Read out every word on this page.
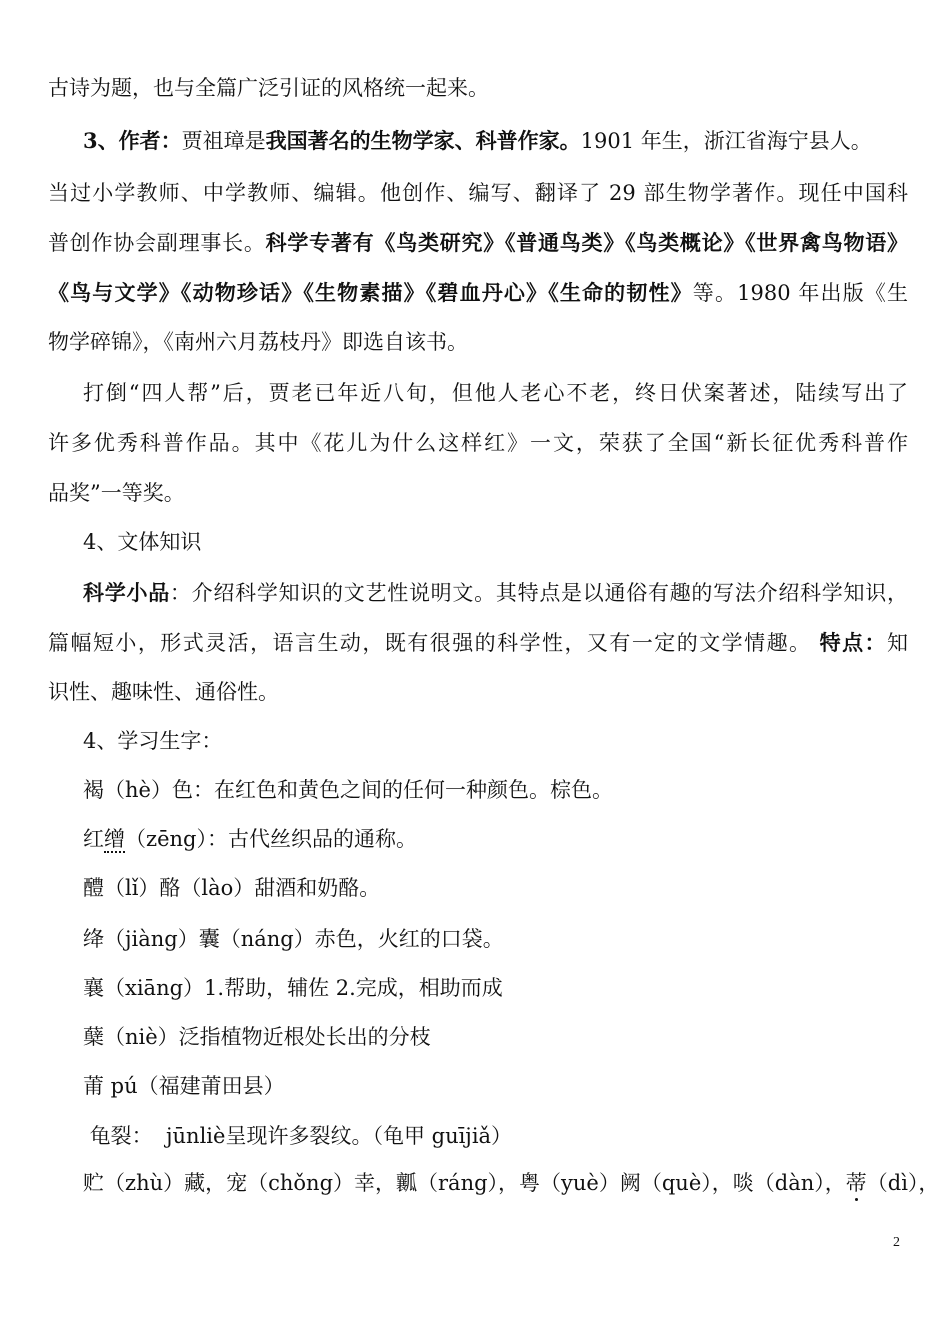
古诗为题，也与全篇广泛引证的风格统一起来。
3、作者：贾祖璋是我国著名的生物学家、科普作家。1901 年生，浙江省海宁县人。
当过小学教师、中学教师、编辑。他创作、编写、翻译了 29 部生物学著作。现任中国科
普创作协会副理事长。科学专著有《鸟类研究》《普通鸟类》《鸟类概论》《世界禽鸟物语》
《鸟与文学》《动物珍话》《生物素描》《碧血丹心》《生命的韧性》等。1980 年出版《生
物学碎锦》，《南州六月荔枝丹》即选自该书。
打倒“四人帮”后，贾老已年近八旬，但他人老心不老，终日伏案著述，陆续写出了
许多优秀科普作品。其中《花儿为什么这样红》一文，荣获了全国“新长征优秀科普作
品奖”一等奖。
4、文体知识
科学小品：介绍科学知识的文艺性说明文。其特点是以通俗有趣的写法介绍科学知识，
篇幅短小，形式灵活，语言生动，既有很强的科学性，又有一定的文学情趣。 特点：知
识性、趣味性、通俗性。
4、学习生字：
褐（hè）色：在红色和黄色之间的任何一种颜色。棕色。
红缯（zēng）：古代丝织品的通称。
醴（lǐ）酪（lào）甜酒和奶酪。
绛（jiàng）囊（náng）赤色，火红的口袋。
襄（xiāng）1.帮助，辅佐 2.完成，相助而成
蘖（niè）泛指植物近根处长出的分枝
莆 pú（福建莆田县）
龟裂：  jūnliè呈现许多裂纹。（龟甲 guījiǎ）
贮（zhù）藏，宠（chǒng）幸，瓤（ráng），粤（yuè）阙（què），啖（dàn），蒂（dì），
2
